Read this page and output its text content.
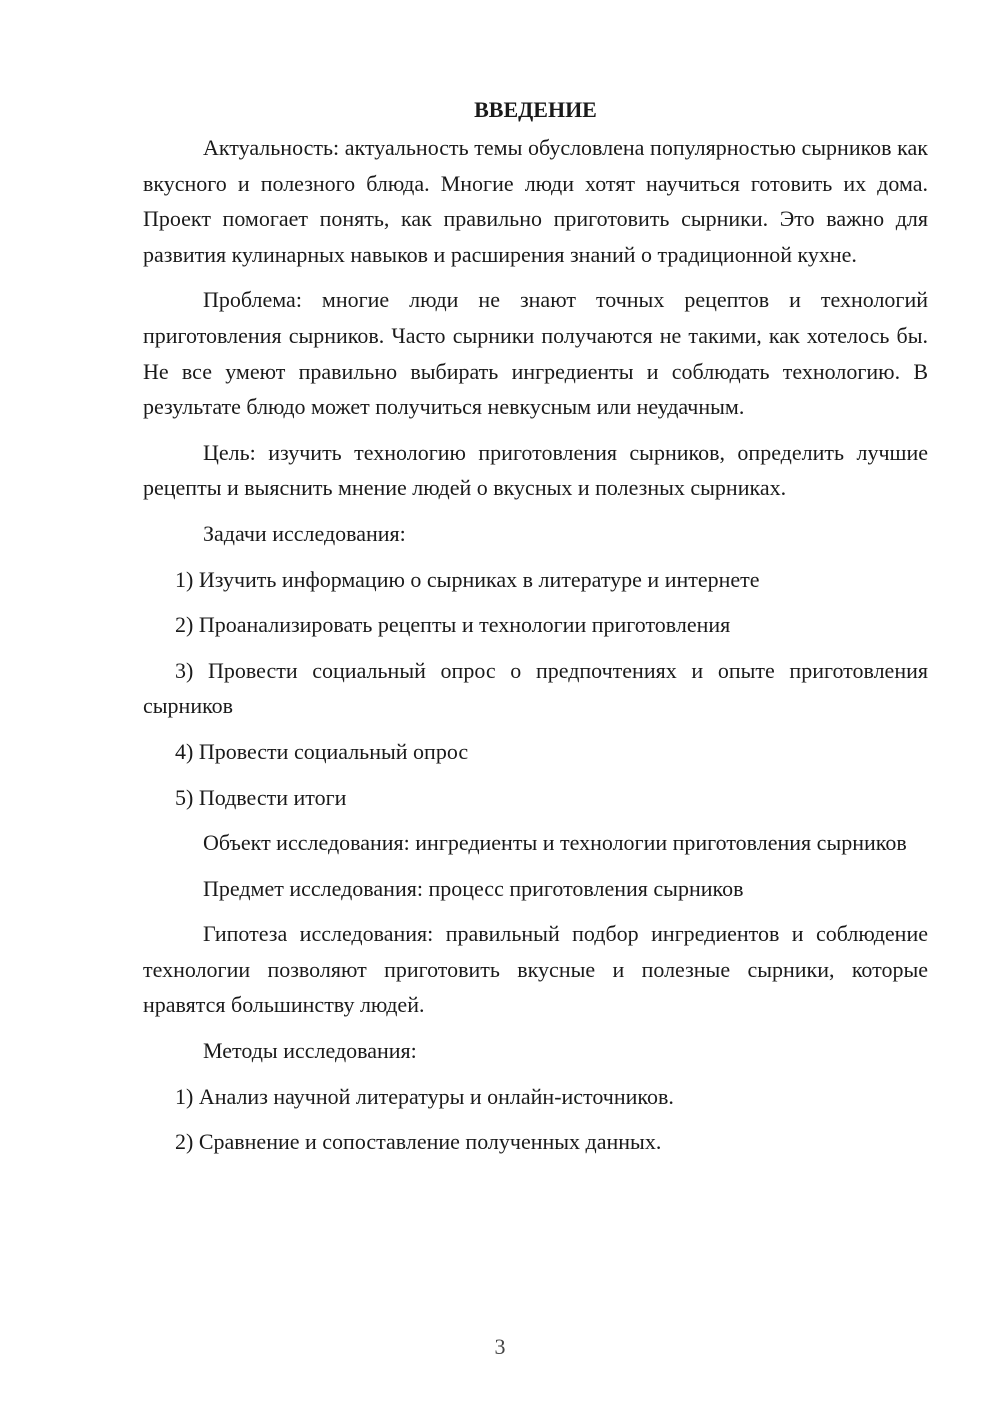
ВВЕДЕНИЕ

Актуальность: актуальность темы обусловлена популярностью сырников как вкусного и полезного блюда. Многие люди хотят научиться готовить их дома. Проект помогает понять, как правильно приготовить сырники. Это важно для развития кулинарных навыков и расширения знаний о традиционной кухне.

Проблема: многие люди не знают точных рецептов и технологий приготовления сырников. Часто сырники получаются не такими, как хотелось бы. Не все умеют правильно выбирать ингредиенты и соблюдать технологию. В результате блюдо может получиться невкусным или неудачным.

Цель: изучить технологию приготовления сырников, определить лучшие рецепты и выяснить мнение людей о вкусных и полезных сырниках.

Задачи исследования:

1) Изучить информацию о сырниках в литературе и интернете

2) Проанализировать рецепты и технологии приготовления

3) Провести социальный опрос о предпочтениях и опыте приготовления сырников

4) Провести социальный опрос

5) Подвести итоги

Объект исследования: ингредиенты и технологии приготовления сырников

Предмет исследования: процесс приготовления сырников

Гипотеза исследования: правильный подбор ингредиентов и соблюдение технологии позволяют приготовить вкусные и полезные сырники, которые нравятся большинству людей.

Методы исследования:

1) Анализ научной литературы и онлайн-источников.

2) Сравнение и сопоставление полученных данных.

3
